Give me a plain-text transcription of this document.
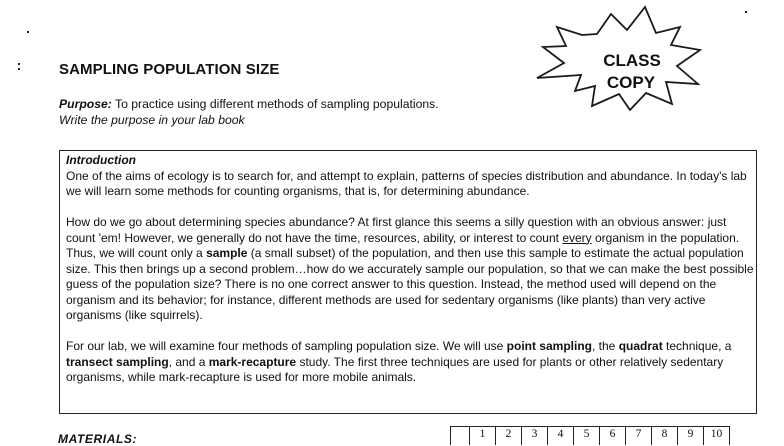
SAMPLING POPULATION SIZE	CLASS
COPY
Purpose: To practice using different methods of sampling populations.
Write the purpose in your lab book

Introduction

One of the aims of ecology is to search for, and attempt to explain, patterns of species distribution and abundance. In today's lab we will learn some methods for counting organisms, that is, for determining abundance.

How do we go about determining species abundance? At first glance this seems a silly question with an obvious answer: just count 'em! However, we generally do not have the time, resources, ability, or interest to count every organism in the population. Thus, we will count only a sample (a small subset) of the population, and then use this sample to estimate the actual population size. This then brings up a second problem…how do we accurately sample our population, so that we can make the best possible guess of the population size? There is no one correct answer to this question. Instead, the method used will depend on the organism and its behavior; for instance, different methods are used for sedentary organisms (like plants) than very active organisms (like squirrels).

For our lab, we will examine four methods of sampling population size. We will use point sampling, the quadrat technique, a transect sampling, and a mark-recapture study. The first three techniques are used for plants or other relatively sedentary organisms, while mark-recapture is used for more mobile animals.

MATERIALS:	1	2	3	4	5	6	7	8	9	10
